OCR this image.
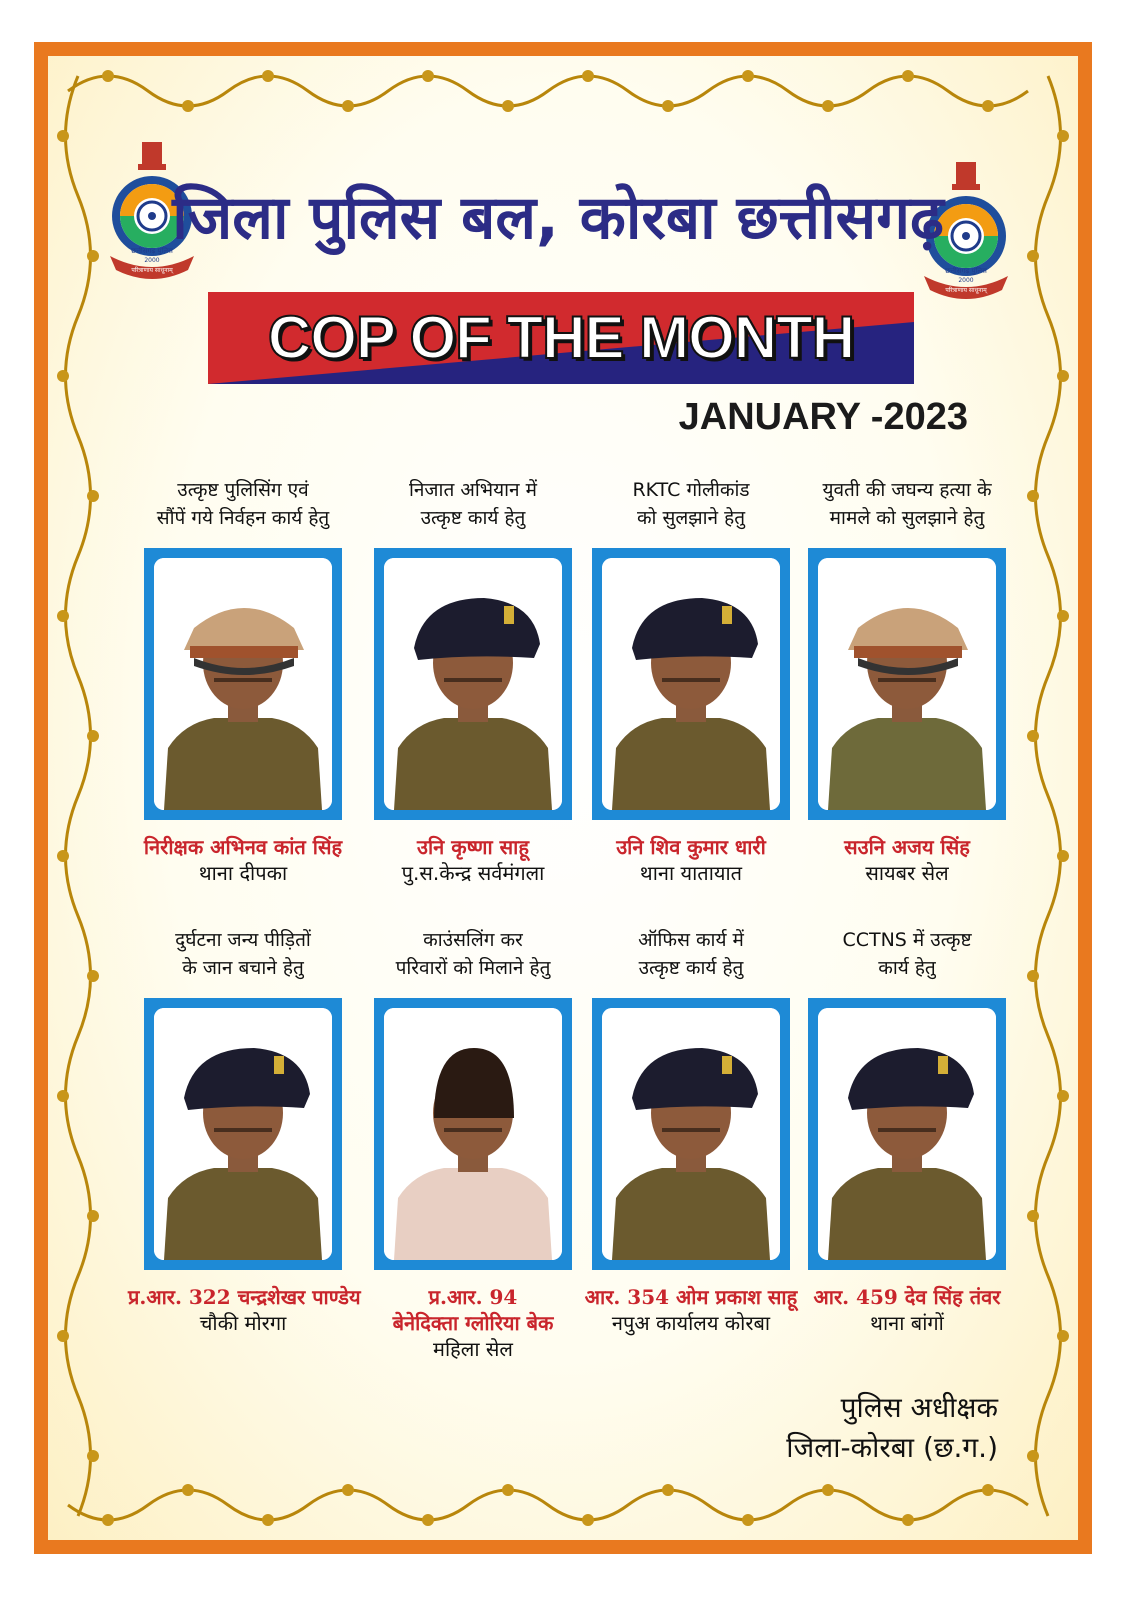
छत्तीसगढ़ पुलिस
2000
परित्राणाय साधूनाम्	छत्तीसगढ़ पुलिस
2000
परित्राणाय साधूनाम्
जिला पुलिस बल, कोरबा छत्तीसगढ़
COP OF THE MONTH
JANUARY -2023
उत्कृष्ट पुलिसिंग एवं
सौंपें गये निर्वहन कार्य हेतु
निरीक्षक अभिनव कांत सिंह
थाना दीपका
निजात अभियान में
उत्कृष्ट कार्य हेतु
उनि कृष्णा साहू
पु.स.केन्द्र सर्वमंगला
RKTC गोलीकांड
को सुलझाने हेतु
उनि शिव कुमार धारी
थाना यातायात
युवती की जघन्य हत्या के
मामले को सुलझाने हेतु
सउनि अजय सिंह
सायबर सेल
दुर्घटना जन्य पीड़ितों
के जान बचाने हेतु
प्र.आर. 322 चन्द्रशेखर पाण्डेय
चौकी मोरगा
काउंसलिंग कर
परिवारों को मिलाने हेतु
प्र.आर. 94
बेनेदिक्ता ग्लोरिया बेक
महिला सेल
ऑफिस कार्य में
उत्कृष्ट कार्य हेतु
आर. 354 ओम प्रकाश साहू
नपुअ कार्यालय कोरबा
CCTNS में उत्कृष्ट
कार्य हेतु
आर. 459 देव सिंह तंवर
थाना बांगों
पुलिस अधीक्षक
जिला-कोरबा (छ.ग.)
